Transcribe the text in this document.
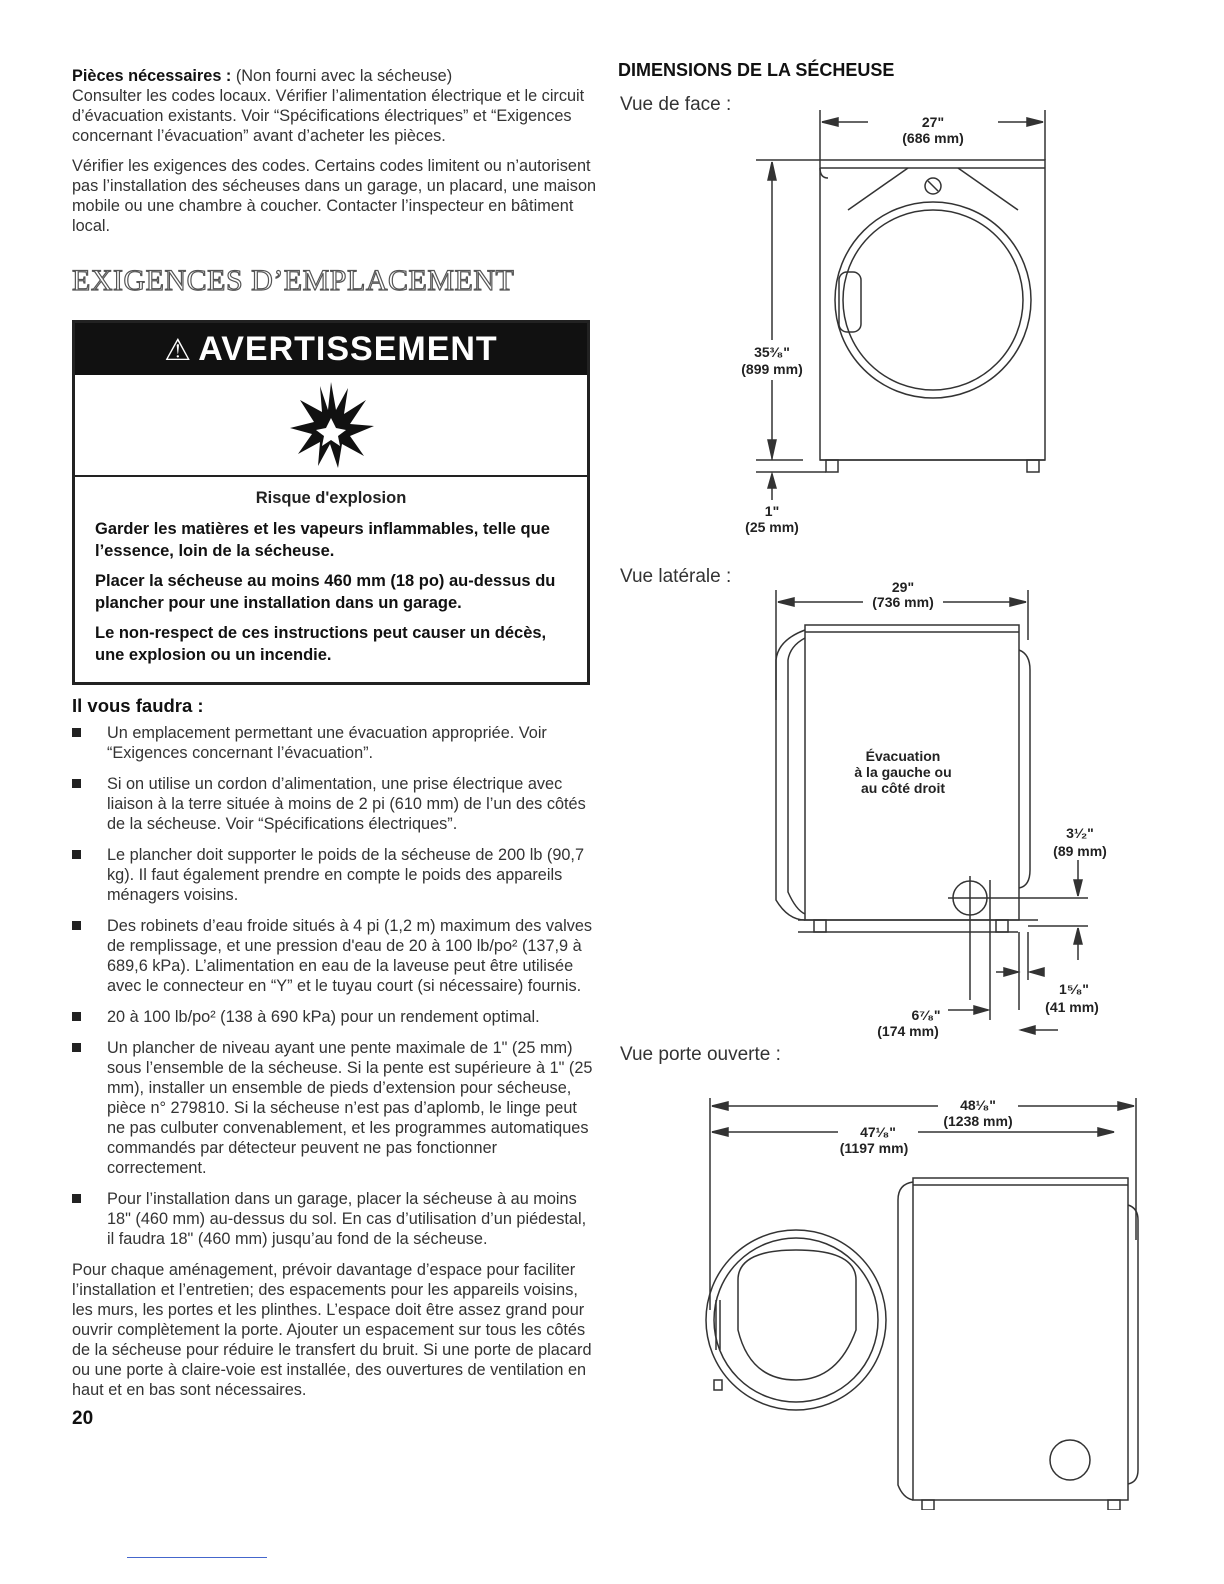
Pièces nécessaires : (Non fourni avec la sécheuse)
Consulter les codes locaux. Vérifier l’alimentation électrique et le circuit d’évacuation existants. Voir “Spécifications électriques” et “Exigences concernant l’évacuation” avant d’acheter les pièces.

Vérifier les exigences des codes. Certains codes limitent ou n’autorisent pas l’installation des sécheuses dans un garage, un placard, une maison mobile ou une chambre à coucher. Contacter l’inspecteur en bâtiment local.

EXIGENCES D’EMPLACEMENT
⚠ AVERTISSEMENT
Risque d'explosion
Garder les matières et les vapeurs inflammables, telle que l’essence, loin de la sécheuse.
Placer la sécheuse au moins 460 mm (18 po) au-dessus du plancher pour une installation dans un garage.
Le non-respect de ces instructions peut causer un décès, une explosion ou un incendie.
Il vous faudra :
Un emplacement permettant une évacuation appropriée. Voir “Exigences concernant l’évacuation”.
Si on utilise un cordon d’alimentation, une prise électrique avec liaison à la terre située à moins de 2 pi (610 mm) de l’un des côtés de la sécheuse. Voir “Spécifications électriques”.
Le plancher doit supporter le poids de la sécheuse de 200 lb (90,7 kg). Il faut également prendre en compte le poids des appareils ménagers voisins.
Des robinets d’eau froide situés à 4 pi (1,2 m) maximum des valves de remplissage, et une pression d'eau de 20 à 100 lb/po² (137,9 à 689,6 kPa). L’alimentation en eau de la laveuse peut être utilisée avec le connecteur en “Y” et le tuyau court (si nécessaire) fournis.
20 à 100 lb/po² (138 à 690 kPa) pour un rendement optimal.
Un plancher de niveau ayant une pente maximale de 1" (25 mm) sous l’ensemble de la sécheuse. Si la pente est supérieure à 1" (25 mm), installer un ensemble de pieds d’extension pour sécheuse, pièce n° 279810. Si la sécheuse n’est pas d’aplomb, le linge peut ne pas culbuter convenablement, et les programmes automatiques commandés par détecteur peuvent ne pas fonctionner correctement.
Pour l’installation dans un garage, placer la sécheuse à au moins 18" (460 mm) au-dessus du sol. En cas d’utilisation d’un piédestal, il faudra 18" (460 mm) jusqu’au fond de la sécheuse.

Pour chaque aménagement, prévoir davantage d’espace pour faciliter l’installation et l’entretien; des espacements pour les appareils voisins, les murs, les portes et les plinthes. L’espace doit être assez grand pour ouvrir complètement la porte. Ajouter un espacement sur tous les côtés de la sécheuse pour réduire le transfert du bruit. Si une porte de placard ou une porte à claire-voie est installée, des ouvertures de ventilation en haut et en bas sont nécessaires.

20
DIMENSIONS DE LA SÉCHEUSE
Vue de face :
27"
(686 mm)
35³⁄₈"
(899 mm)
1"
(25 mm)
Vue latérale :	29"
(736 mm)
Évacuation
à la gauche ou
au côté droit
3¹⁄₂"
(89 mm)
1⁵⁄₈"
(41 mm)
6⁷⁄₈"
(174 mm)
Vue porte ouverte :
48¹⁄₈"
(1238 mm)
47¹⁄₈"
(1197 mm)
